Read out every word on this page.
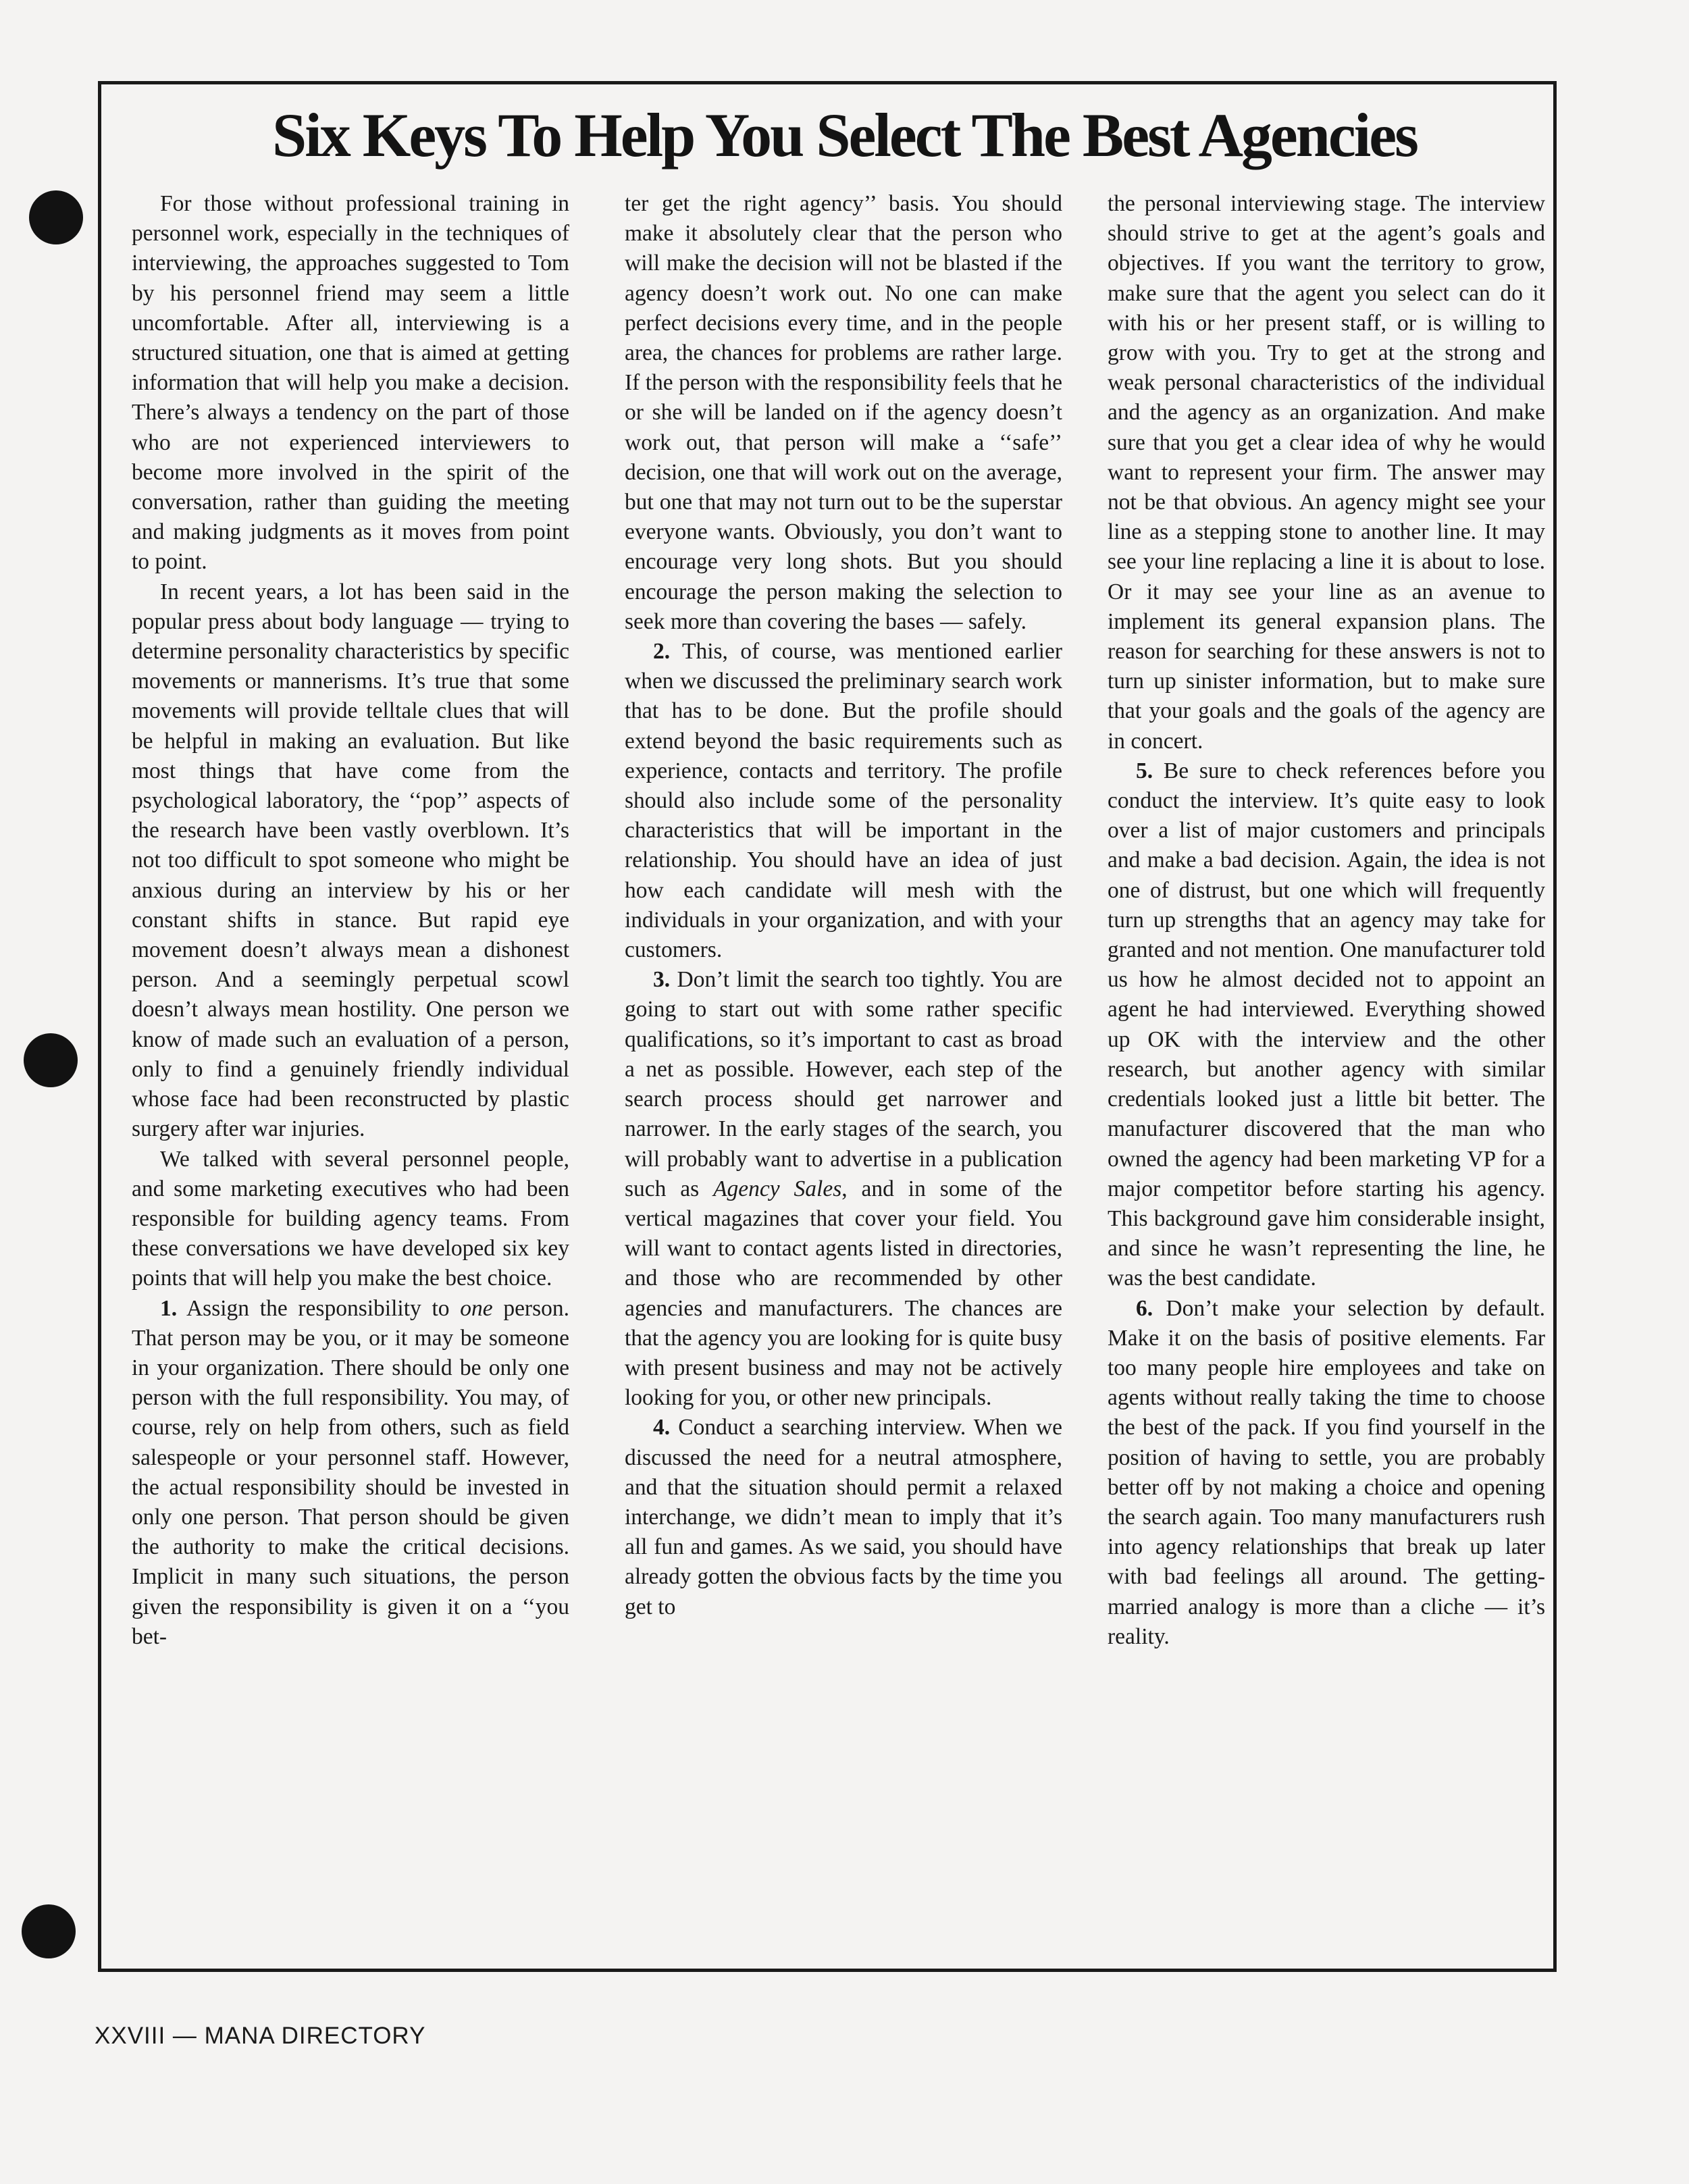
Six Keys To Help You Select The Best Agencies

For those without professional training in personnel work, especially in the techniques of interviewing, the approaches suggested to Tom by his personnel friend may seem a little uncomfortable. After all, interviewing is a structured situation, one that is aimed at getting information that will help you make a decision. There’s always a tendency on the part of those who are not experienced interviewers to become more involved in the spirit of the conversation, rather than guiding the meeting and making judgments as it moves from point to point.

In recent years, a lot has been said in the popular press about body language — trying to determine personality characteristics by specific movements or mannerisms. It’s true that some movements will provide telltale clues that will be helpful in making an evaluation. But like most things that have come from the psychological laboratory, the ‘‘pop’’ aspects of the research have been vastly overblown. It’s not too difficult to spot someone who might be anxious during an interview by his or her constant shifts in stance. But rapid eye movement doesn’t always mean a dishonest person. And a seemingly perpetual scowl doesn’t always mean hostility. One person we know of made such an evaluation of a person, only to find a genuinely friendly individual whose face had been reconstructed by plastic surgery after war injuries.

We talked with several personnel people, and some marketing executives who had been responsible for building agency teams. From these conversations we have developed six key points that will help you make the best choice.

1. Assign the responsibility to one person. That person may be you, or it may be someone in your organization. There should be only one person with the full responsibility. You may, of course, rely on help from others, such as field salespeople or your personnel staff. However, the actual responsibility should be invested in only one person. That person should be given the authority to make the critical decisions. Implicit in many such situations, the person given the responsibility is given it on a ‘‘you bet-

ter get the right agency’’ basis. You should make it absolutely clear that the person who will make the decision will not be blasted if the agency doesn’t work out. No one can make perfect decisions every time, and in the people area, the chances for problems are rather large. If the person with the responsibility feels that he or she will be landed on if the agency doesn’t work out, that person will make a ‘‘safe’’ decision, one that will work out on the average, but one that may not turn out to be the superstar everyone wants. Obviously, you don’t want to encourage very long shots. But you should encourage the person making the selection to seek more than covering the bases — safely.

2. This, of course, was mentioned earlier when we discussed the preliminary search work that has to be done. But the profile should extend beyond the basic requirements such as experience, contacts and territory. The profile should also include some of the personality characteristics that will be important in the relationship. You should have an idea of just how each candidate will mesh with the individuals in your organization, and with your customers.

3. Don’t limit the search too tightly. You are going to start out with some rather specific qualifications, so it’s important to cast as broad a net as possible. However, each step of the search process should get narrower and narrower. In the early stages of the search, you will probably want to advertise in a publication such as Agency Sales, and in some of the vertical magazines that cover your field. You will want to contact agents listed in directories, and those who are recommended by other agencies and manufacturers. The chances are that the agency you are looking for is quite busy with present business and may not be actively looking for you, or other new principals.

4. Conduct a searching interview. When we discussed the need for a neutral atmosphere, and that the situation should permit a relaxed interchange, we didn’t mean to imply that it’s all fun and games. As we said, you should have already gotten the obvious facts by the time you get to

the personal interviewing stage. The interview should strive to get at the agent’s goals and objectives. If you want the territory to grow, make sure that the agent you select can do it with his or her present staff, or is willing to grow with you. Try to get at the strong and weak personal characteristics of the individual and the agency as an organization. And make sure that you get a clear idea of why he would want to represent your firm. The answer may not be that obvious. An agency might see your line as a stepping stone to another line. It may see your line replacing a line it is about to lose. Or it may see your line as an avenue to implement its general expansion plans. The reason for searching for these answers is not to turn up sinister information, but to make sure that your goals and the goals of the agency are in concert.

5. Be sure to check references before you conduct the interview. It’s quite easy to look over a list of major customers and principals and make a bad decision. Again, the idea is not one of distrust, but one which will frequently turn up strengths that an agency may take for granted and not mention. One manufacturer told us how he almost decided not to appoint an agent he had interviewed. Everything showed up OK with the interview and the other research, but another agency with similar credentials looked just a little bit better. The manufacturer discovered that the man who owned the agency had been marketing VP for a major competitor before starting his agency. This background gave him considerable insight, and since he wasn’t representing the line, he was the best candidate.

6. Don’t make your selection by default. Make it on the basis of positive elements. Far too many people hire employees and take on agents without really taking the time to choose the best of the pack. If you find yourself in the position of having to settle, you are probably better off by not making a choice and opening the search again. Too many manufacturers rush into agency relationships that break up later with bad feelings all around. The getting-married analogy is more than a cliche — it’s reality.

XXVIII — MANA DIRECTORY
